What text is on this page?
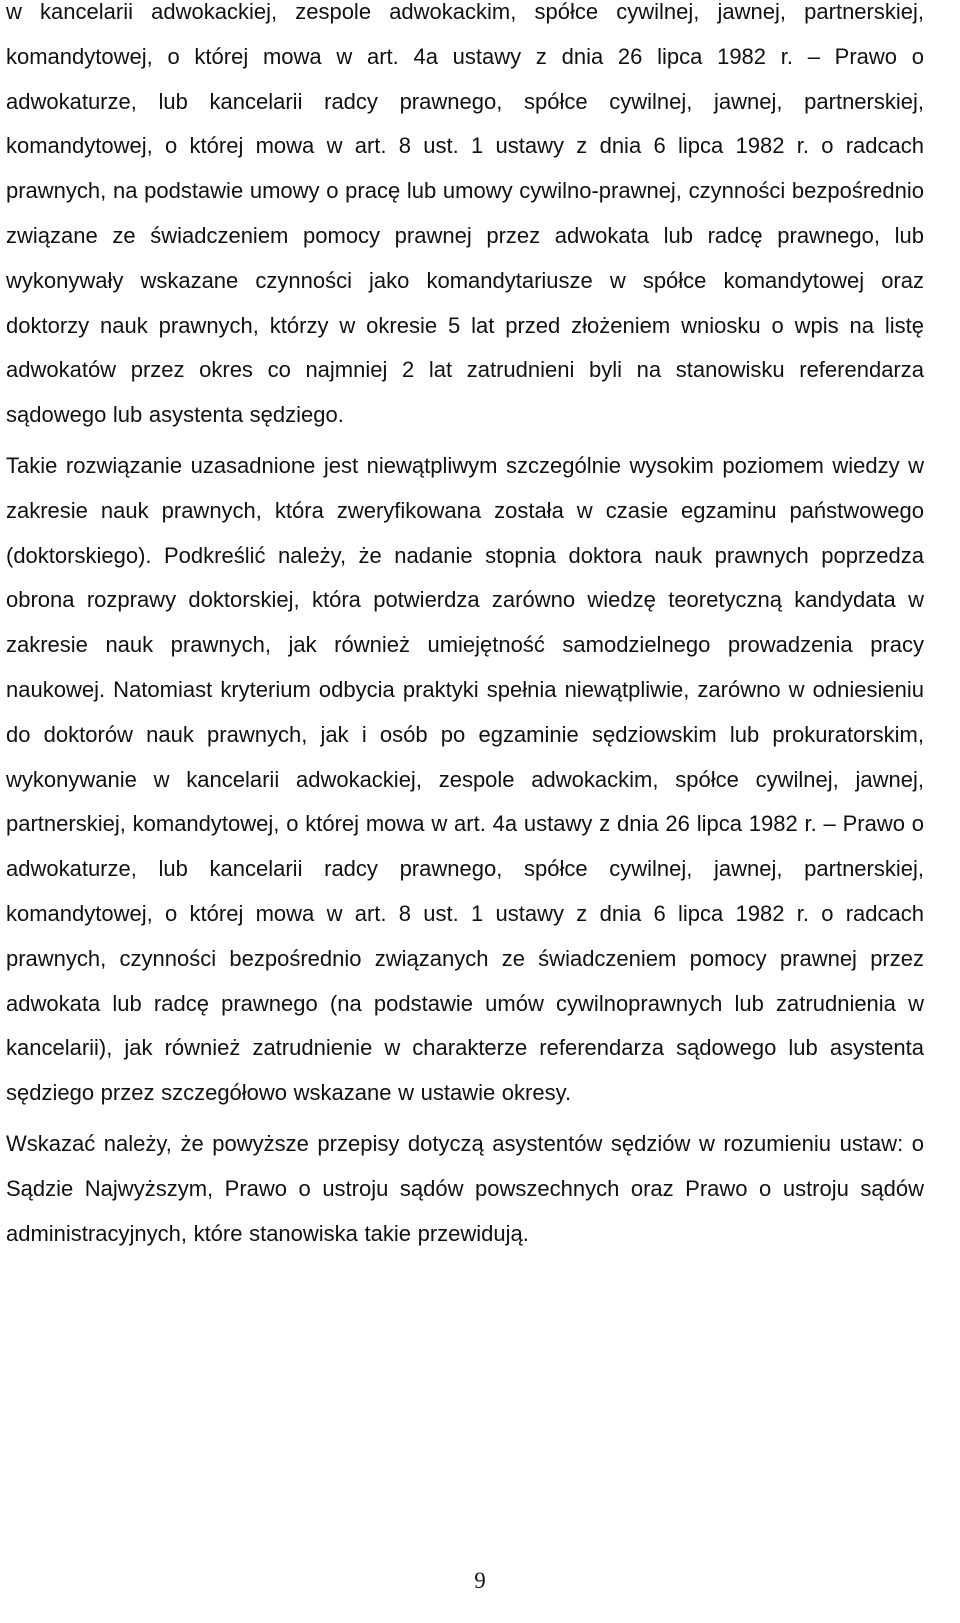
w kancelarii adwokackiej, zespole adwokackim, spółce cywilnej, jawnej, partnerskiej, komandytowej, o której mowa w art. 4a ustawy z dnia 26 lipca 1982 r. – Prawo o adwokaturze, lub kancelarii radcy prawnego, spółce cywilnej, jawnej, partnerskiej, komandytowej, o której mowa w art. 8 ust. 1 ustawy z dnia 6 lipca 1982 r. o radcach prawnych, na podstawie umowy o pracę lub umowy cywilno-prawnej, czynności bezpośrednio związane ze świadczeniem pomocy prawnej przez adwokata lub radcę prawnego, lub wykonywały wskazane czynności jako komandytariusze w spółce komandytowej oraz doktorzy nauk prawnych, którzy w okresie 5 lat przed złożeniem wniosku o wpis na listę adwokatów przez okres co najmniej 2 lat zatrudnieni byli na stanowisku referendarza sądowego lub asystenta sędziego.

Takie rozwiązanie uzasadnione jest niewątpliwym szczególnie wysokim poziomem wiedzy w zakresie nauk prawnych, która zweryfikowana została w czasie egzaminu państwowego (doktorskiego). Podkreślić należy, że nadanie stopnia doktora nauk prawnych poprzedza obrona rozprawy doktorskiej, która potwierdza zarówno wiedzę teoretyczną kandydata w zakresie nauk prawnych, jak również umiejętność samodzielnego prowadzenia pracy naukowej. Natomiast kryterium odbycia praktyki spełnia niewątpliwie, zarówno w odniesieniu do doktorów nauk prawnych, jak i osób po egzaminie sędziowskim lub prokuratorskim, wykonywanie w kancelarii adwokackiej, zespole adwokackim, spółce cywilnej, jawnej, partnerskiej, komandytowej, o której mowa w art. 4a ustawy z dnia 26 lipca 1982 r. – Prawo o adwokaturze, lub kancelarii radcy prawnego, spółce cywilnej, jawnej, partnerskiej, komandytowej, o której mowa w art. 8 ust. 1 ustawy z dnia 6 lipca 1982 r. o radcach prawnych, czynności bezpośrednio związanych ze świadczeniem pomocy prawnej przez adwokata lub radcę prawnego (na podstawie umów cywilnoprawnych lub zatrudnienia w kancelarii), jak również zatrudnienie w charakterze referendarza sądowego lub asystenta sędziego przez szczegółowo wskazane w ustawie okresy.

Wskazać należy, że powyższe przepisy dotyczą asystentów sędziów w rozumieniu ustaw: o Sądzie Najwyższym, Prawo o ustroju sądów powszechnych oraz Prawo o ustroju sądów administracyjnych, które stanowiska takie przewidują.

9
